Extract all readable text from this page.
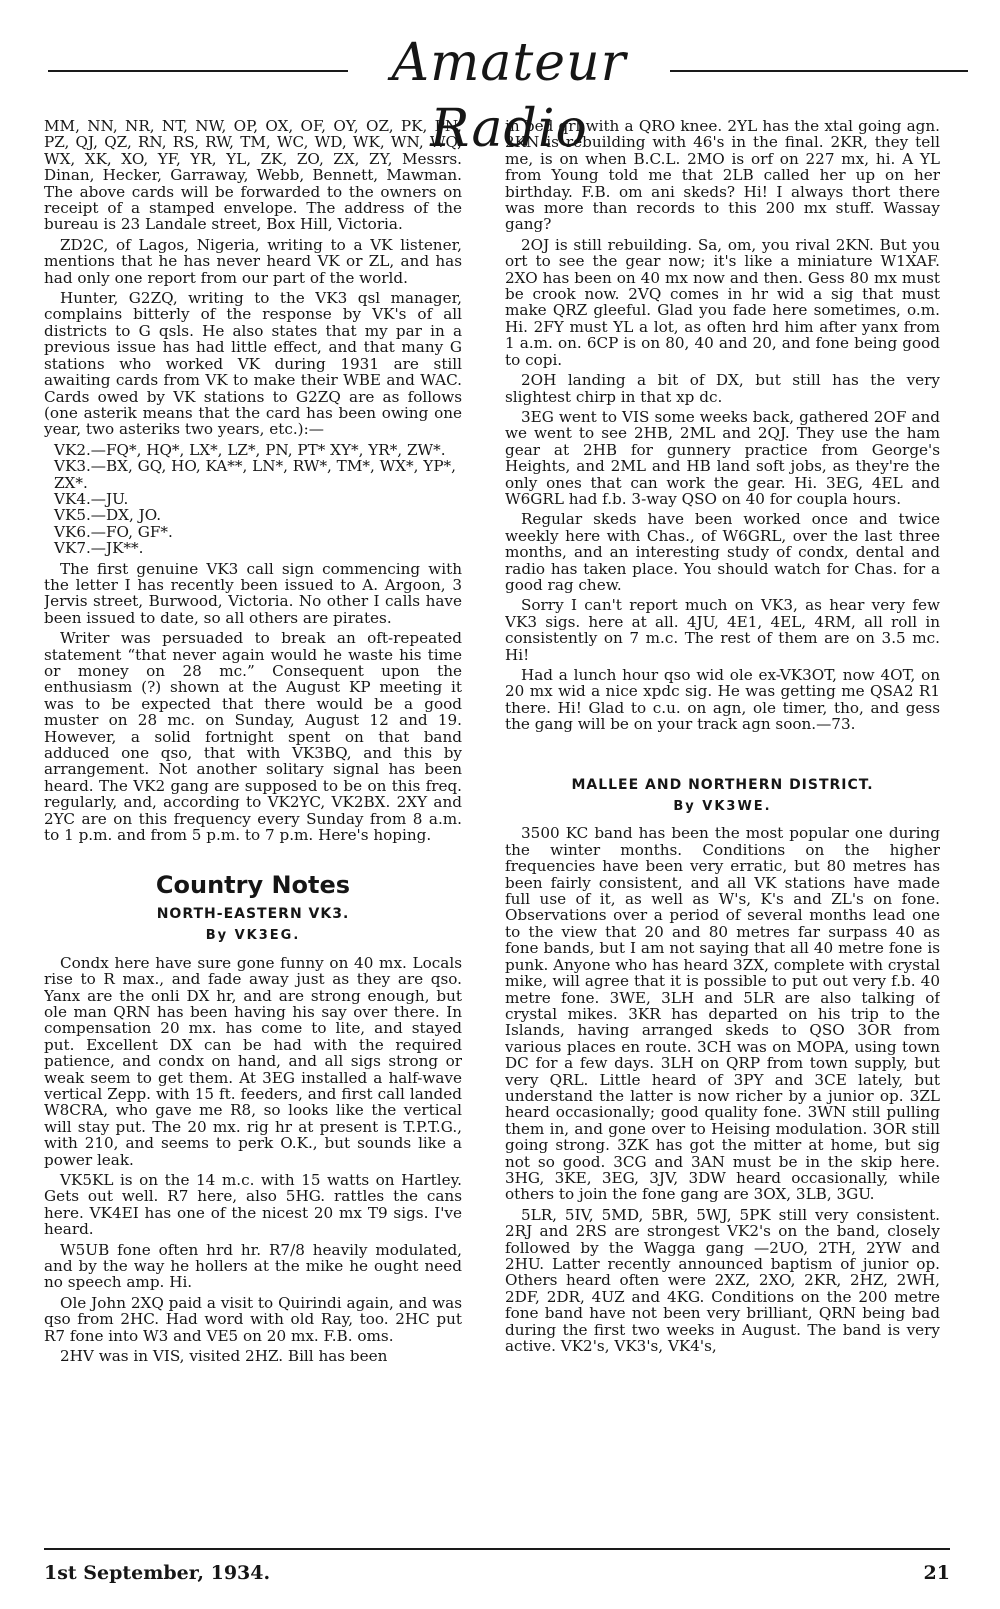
Amateur Radio

MM, NN, NR, NT, NW, OP, OX, OF, OY, OZ, PK, PN, PZ, QJ, QZ, RN, RS, RW, TM, WC, WD, WK, WN, WQ, WX, XK, XO, YF, YR, YL, ZK, ZO, ZX, ZY, Messrs. Dinan, Hecker, Garraway, Webb, Bennett, Mawman. The above cards will be forwarded to the owners on receipt of a stamped envelope. The address of the bureau is 23 Landale street, Box Hill, Victoria.

ZD2C, of Lagos, Nigeria, writing to a VK listener, mentions that he has never heard VK or ZL, and has had only one report from our part of the world.

Hunter, G2ZQ, writing to the VK3 qsl manager, complains bitterly of the response by VK's of all districts to G qsls. He also states that my par in a previous issue has had little effect, and that many G stations who worked VK during 1931 are still awaiting cards from VK to make their WBE and WAC. Cards owed by VK stations to G2ZQ are as follows (one asterik means that the card has been owing one year, two asteriks two years, etc.):—

VK2.—FQ*, HQ*, LX*, LZ*, PN, PT* XY*, YR*, ZW*.

VK3.—BX, GQ, HO, KA**, LN*, RW*, TM*, WX*, YP*, ZX*.

VK4.—JU.

VK5.—DX, JO.

VK6.—FO, GF*.

VK7.—JK**.

The first genuine VK3 call sign commencing with the letter I has recently been issued to A. Argoon, 3 Jervis street, Burwood, Victoria. No other I calls have been issued to date, so all others are pirates.

Writer was persuaded to break an oft-repeated statement “that never again would he waste his time or money on 28 mc.” Consequent upon the enthusiasm (?) shown at the August KP meeting it was to be expected that there would be a good muster on 28 mc. on Sunday, August 12 and 19. However, a solid fortnight spent on that band adduced one qso, that with VK3BQ, and this by arrangement. Not another solitary signal has been heard. The VK2 gang are supposed to be on this freq. regularly, and, according to VK2YC, VK2BX. 2XY and 2YC are on this frequency every Sunday from 8 a.m. to 1 p.m. and from 5 p.m. to 7 p.m. Here's hoping.

Country Notes
NORTH-EASTERN VK3.
By VK3EG.

Condx here have sure gone funny on 40 mx. Locals rise to R max., and fade away just as they are qso. Yanx are the onli DX hr, and are strong enough, but ole man QRN has been having his say over there. In compensation 20 mx. has come to lite, and stayed put. Excellent DX can be had with the required patience, and condx on hand, and all sigs strong or weak seem to get them. At 3EG installed a half-wave vertical Zepp. with 15 ft. feeders, and first call landed W8CRA, who gave me R8, so looks like the vertical will stay put. The 20 mx. rig hr at present is T.P.T.G., with 210, and seems to perk O.K., but sounds like a power leak.

VK5KL is on the 14 m.c. with 15 watts on Hartley. Gets out well. R7 here, also 5HG. rattles the cans here. VK4EI has one of the nicest 20 mx T9 sigs. I've heard.

W5UB fone often hrd hr. R7/8 heavily modulated, and by the way he hollers at the mike he ought need no speech amp. Hi.

Ole John 2XQ paid a visit to Quirindi again, and was qso from 2HC. Had word with old Ray, too. 2HC put R7 fone into W3 and VE5 on 20 mx. F.B. oms.

2HV was in VIS, visited 2HZ. Bill has been

in bed qrl with a QRO knee. 2YL has the xtal going agn. 2KN is rebuilding with 46's in the final. 2KR, they tell me, is on when B.C.L. 2MO is orf on 227 mx, hi. A YL from Young told me that 2LB called her up on her birthday. F.B. om ani skeds? Hi! I always thort there was more than records to this 200 mx stuff. Wassay gang?

2OJ is still rebuilding. Sa, om, you rival 2KN. But you ort to see the gear now; it's like a miniature W1XAF. 2XO has been on 40 mx now and then. Gess 80 mx must be crook now. 2VQ comes in hr wid a sig that must make QRZ gleeful. Glad you fade here sometimes, o.m. Hi. 2FY must YL a lot, as often hrd him after yanx from 1 a.m. on. 6CP is on 80, 40 and 20, and fone being good to copi.

2OH landing a bit of DX, but still has the very slightest chirp in that xp dc.

3EG went to VIS some weeks back, gathered 2OF and we went to see 2HB, 2ML and 2QJ. They use the ham gear at 2HB for gunnery practice from George's Heights, and 2ML and HB land soft jobs, as they're the only ones that can work the gear. Hi. 3EG, 4EL and W6GRL had f.b. 3-way QSO on 40 for coupla hours.

Regular skeds have been worked once and twice weekly here with Chas., of W6GRL, over the last three months, and an interesting study of condx, dental and radio has taken place. You should watch for Chas. for a good rag chew.

Sorry I can't report much on VK3, as hear very few VK3 sigs. here at all. 4JU, 4E1, 4EL, 4RM, all roll in consistently on 7 m.c. The rest of them are on 3.5 mc. Hi!

Had a lunch hour qso wid ole ex-VK3OT, now 4OT, on 20 mx wid a nice xpdc sig. He was getting me QSA2 R1 there. Hi! Glad to c.u. on agn, ole timer, tho, and gess the gang will be on your track agn soon.—73.

MALLEE AND NORTHERN DISTRICT.
By VK3WE.

3500 KC band has been the most popular one during the winter months. Conditions on the higher frequencies have been very erratic, but 80 metres has been fairly consistent, and all VK stations have made full use of it, as well as W's, K's and ZL's on fone. Observations over a period of several months lead one to the view that 20 and 80 metres far surpass 40 as fone bands, but I am not saying that all 40 metre fone is punk. Anyone who has heard 3ZX, complete with crystal mike, will agree that it is possible to put out very f.b. 40 metre fone. 3WE, 3LH and 5LR are also talking of crystal mikes. 3KR has departed on his trip to the Islands, having arranged skeds to QSO 3OR from various places en route. 3CH was on MOPA, using town DC for a few days. 3LH on QRP from town supply, but very QRL. Little heard of 3PY and 3CE lately, but understand the latter is now richer by a junior op. 3ZL heard occasionally; good quality fone. 3WN still pulling them in, and gone over to Heising modulation. 3OR still going strong. 3ZK has got the mitter at home, but sig not so good. 3CG and 3AN must be in the skip here. 3HG, 3KE, 3EG, 3JV, 3DW heard occasionally, while others to join the fone gang are 3OX, 3LB, 3GU.

5LR, 5IV, 5MD, 5BR, 5WJ, 5PK still very consistent. 2RJ and 2RS are strongest VK2's on the band, closely followed by the Wagga gang —2UO, 2TH, 2YW and 2HU. Latter recently announced baptism of junior op. Others heard often were 2XZ, 2XO, 2KR, 2HZ, 2WH, 2DF, 2DR, 4UZ and 4KG. Conditions on the 200 metre fone band have not been very brilliant, QRN being bad during the first two weeks in August. The band is very active. VK2's, VK3's, VK4's,

1st September, 1934.	21
